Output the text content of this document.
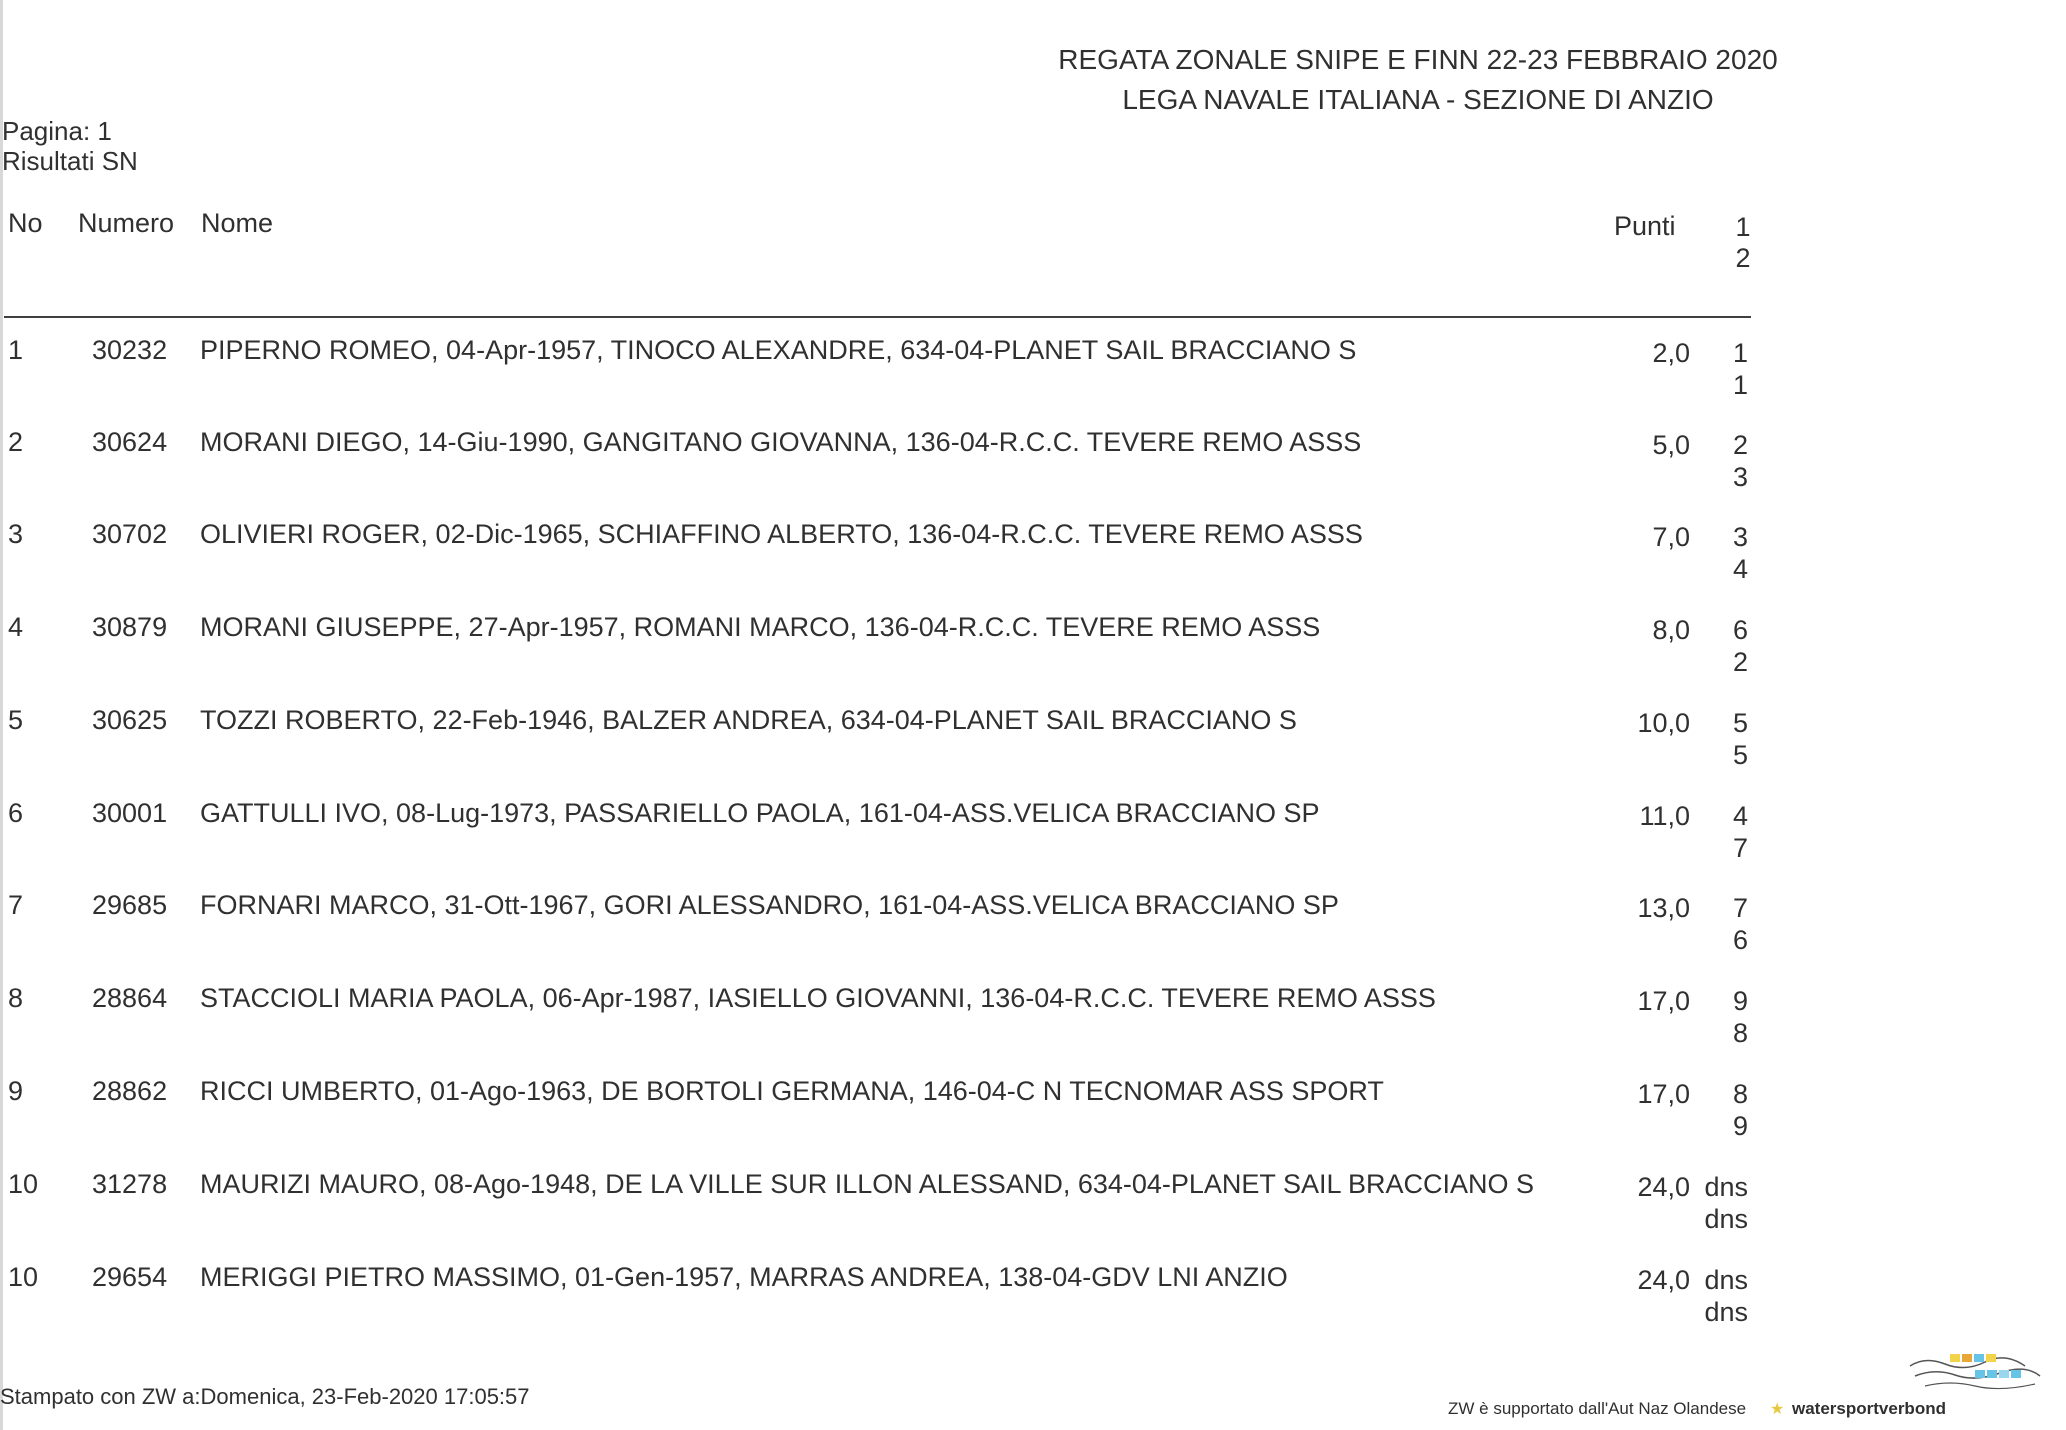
REGATA ZONALE SNIPE E FINN 22-23 FEBBRAIO 2020
LEGA NAVALE ITALIANA - SEZIONE DI ANZIO
Pagina: 1
Risultati SN
No Numero Nome	Punti 1
2
1	30232 PIPERNO ROMEO, 04-Apr-1957, TINOCO ALEXANDRE, 634-04-PLANET SAIL BRACCIANO S	2,0	1
1
2	30624 MORANI DIEGO, 14-Giu-1990, GANGITANO GIOVANNA, 136-04-R.C.C. TEVERE REMO ASSS	5,0	2
3
3	30702 OLIVIERI ROGER, 02-Dic-1965, SCHIAFFINO ALBERTO, 136-04-R.C.C. TEVERE REMO ASSS	7,0	3
4
4	30879 MORANI GIUSEPPE, 27-Apr-1957, ROMANI MARCO, 136-04-R.C.C. TEVERE REMO ASSS	8,0	6
2
5	30625 TOZZI ROBERTO, 22-Feb-1946, BALZER ANDREA, 634-04-PLANET SAIL BRACCIANO S	10,0	5
5
6	30001 GATTULLI IVO, 08-Lug-1973, PASSARIELLO PAOLA, 161-04-ASS.VELICA BRACCIANO SP	11,0	4
7
7	29685 FORNARI MARCO, 31-Ott-1967, GORI ALESSANDRO, 161-04-ASS.VELICA BRACCIANO SP	13,0	7
6
8	28864 STACCIOLI MARIA PAOLA, 06-Apr-1987, IASIELLO GIOVANNI, 136-04-R.C.C. TEVERE REMO ASSS	17,0	9
8
9	28862 RICCI UMBERTO, 01-Ago-1963, DE BORTOLI GERMANA, 146-04-C N TECNOMAR ASS SPORT	17,0	8
9
10	31278 MAURIZI MAURO, 08-Ago-1948, DE LA VILLE SUR ILLON ALESSAND, 634-04-PLANET SAIL BRACCIANO S	24,0 dns
dns
10	29654 MERIGGI PIETRO MASSIMO, 01-Gen-1957, MARRAS ANDREA, 138-04-GDV LNI ANZIO	24,0 dns
dns
Stampato con ZW a:Domenica, 23-Feb-2020 17:05:57	ZW è supportato dall'Aut Naz Olandese ★ watersportverbond
